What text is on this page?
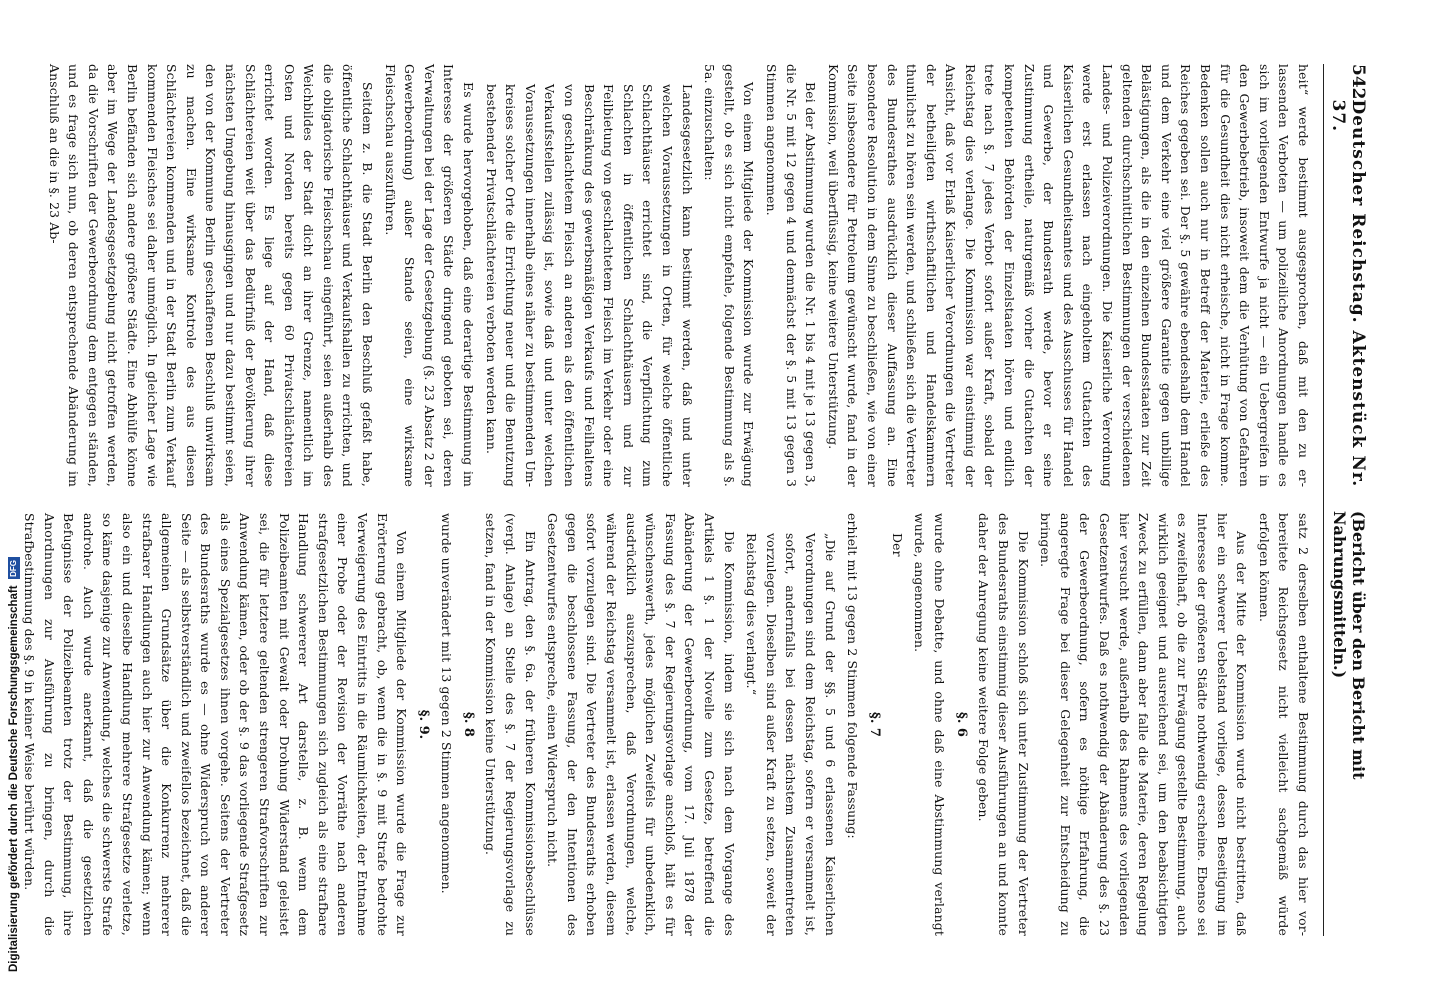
Digitalisierung gefördert durch die Deutsche Forschungsgemeinschaft
DFG
542
Deutscher Reichstag. Aktenstück Nr. 37.
(Bericht über den Bericht mit Nahrungsmitteln.)

heit“ werde bestimmt ausgesprochen, daß mit den zu erlassenden Verboten — um polizeiliche Anordnungen handle es sich im vorliegenden Entwurfe ja nicht — ein Uebergreifen in den Gewerbebetrieb, insoweit dem die Verhütung von Gefahren für die Gesundheit dies nicht erheische, nicht in Frage komme. Bedenken sollen auch nur in Betreff der Materie, erließe des Reiches gegeben sei. Der §. 5 gewähre ebendeshalb dem Handel und dem Verkehr eine viel größere Garantie gegen unbillige Belästigungen, als die in den einzelnen Bundesstaaten zur Zeit geltenden durchschnittlichen Bestimmungen der verschiedenen Landes- und Polizeiverordnungen. Die Kaiserliche Verordnung werde erst erlassen nach eingeholtem Gutachten des Kaiserlichen Gesundheitsamtes und des Ausschusses für Handel und Gewerbe, der Bundesrath werde, bevor er seine Zustimmung ertheile, naturgemäß vorher die Gutachten der kompetenten Behörden der Einzelstaaten hören und endlich trete nach §. 7 jedes Verbot sofort außer Kraft, sobald der Reichstag dies verlange. Die Kommission war einstimmig der Ansicht, daß vor Erlaß Kaiserlicher Verordnungen die Vertreter der betheiligten wirthschaftlichen und Handelskammern thunlichst zu hören sein werden, und schließen sich die Vertreter des Bundesrathes ausdrücklich dieser Auffassung an. Eine besondere Resolution in dem Sinne zu beschließen, wie von einer Seite insbesondere für Petroleum gewünscht wurde, fand in der Kommission, weil überflüssig, keine weitere Unterstützung.

Bei der Abstimmung wurden die Nr. 1 bis 4 mit je 13 gegen 3, die Nr. 5 mit 12 gegen 4 und demnächst der §. 5 mit 13 gegen 3 Stimmen angenommen.

Von einem Mitgliede der Kommission wurde zur Erwägung gestellt, ob es sich nicht empfehle, folgende Bestimmung als §. 5a. einzuschalten:

Landesgesetzlich kann bestimmt werden, daß und unter welchen Voraussetzungen in Orten, für welche öffentliche Schlachthäuser errichtet sind, die Verpflichtung zum Schlachten in öffentlichen Schlachthäusern und zur Feilbietung von geschlachtetem Fleisch im Verkehr oder eine Beschränkung des gewerbsmäßigen Verkaufs und Feilhaltens von geschlachtetem Fleisch an anderen als den öffentlichen Verkaufsstellen zulässig ist, sowie daß und unter welchen Voraussetzungen innerhalb eines näher zu bestimmenden Umkreises solcher Orte die Errichtung neuer und die Benutzung bestehender Privatschlächtereien verboten werden kann.

Es wurde hervorgehoben, daß eine derartige Bestimmung im Interesse der größeren Städte dringend geboten sei, deren Verwaltungen bei der Lage der Gesetzgebung (§. 23 Absatz 2 der Gewerbeordnung) außer Stande seien, eine wirksame Fleischschau auszuführen.

Seitdem z. B. die Stadt Berlin den Beschluß gefaßt habe, öffentliche Schlachthäuser und Verkaufshallen zu errichten, und die obligatorische Fleischschau eingeführt, seien außerhalb des Weichbildes der Stadt dicht an ihrer Grenze, namentlich im Osten und Norden bereits gegen 60 Privatschlächtereien errichtet worden. Es liege auf der Hand, daß diese Schlächtereien weit über das Bedürfniß der Bevölkerung ihrer nächsten Umgebung hinausgingen und nur dazu bestimmt seien, den von der Kommune Berlin geschaffenen Beschluß unwirksam zu machen. Eine wirksame Kontrole des aus diesen Schlächtereien kommenden und in der Stadt Berlin zum Verkauf kommenden Fleisches sei daher unmöglich. In gleicher Lage wie Berlin befänden sich andere größere Städte. Eine Abhülfe könne aber im Wege der Landesgesetzgebung nicht getroffen werden, da die Vorschriften der Gewerbeordnung dem entgegen ständen, und es frage sich nun, ob deren entsprechende Abänderung im Anschluß an die in §. 23 Ab-

satz 2 derselben enthaltene Bestimmung durch das hier vorbereitete Reichsgesetz nicht vielleicht sachgemäß würde erfolgen können.

Aus der Mitte der Kommission wurde nicht bestritten, daß hier ein schwerer Uebelstand vorliege, dessen Beseitigung im Interesse der größeren Städte nothwendig erscheine. Ebenso sei es zweifelhaft, ob die zur Erwägung gestellte Bestimmung, auch wirklich geeignet und ausreichend sei, um den beabsichtigten Zweck zu erfüllen, dann aber falle die Materie, deren Regelung hier versucht werde, außerhalb des Rahmens des vorliegenden Gesetzentwurfes. Daß es nothwendig der Abänderung des §. 23 der Gewerbeordnung, sofern es nöthige Erfahrung, die angeregte Frage bei dieser Gelegenheit zur Entscheidung zu bringen.

Die Kommission schloß sich unter Zustimmung der Vertreter des Bundesraths einstimmig dieser Ausführungen an und konnte daher der Anregung keine weitere Folge geben.

§. 6

wurde ohne Debatte, und ohne daß eine Abstimmung verlangt wurde, angenommen.

Der

§. 7

erhielt mit 13 gegen 2 Stimmen folgende Fassung:

„Die auf Grund der §§. 5 und 6 erlassenen Kaiserlichen Verordnungen sind dem Reichstag, sofern er versammelt ist, sofort, andernfalls bei dessen nächstem Zusammentreten vorzulegen. Dieselben sind außer Kraft zu setzen, soweit der Reichstag dies verlangt.“

Die Kommission, indem sie sich nach dem Vorgange des Artikels 1 §. 1 der Novelle zum Gesetze, betreffend die Abänderung der Gewerbeordnung, vom 17. Juli 1878 der Fassung des §. 7 der Regierungsvorlage anschloß, hält es für wünschenswerth, jedes möglichen Zweifels für unbedenklich, ausdrücklich auszusprechen, daß Verordnungen, welche, während der Reichstag versammelt ist, erlassen werden, diesem sofort vorzulegen sind. Die Vertreter des Bundesraths erhoben gegen die beschlossene Fassung, der den Intentionen des Gesetzentwurfes entspreche, einen Widerspruch nicht.

Ein Antrag, den §. 6a. der früheren Kommissionsbeschlüsse (vergl. Anlage) an Stelle des §. 7 der Regierungsvorlage zu setzen, fand in der Kommission keine Unterstützung.

§. 8

wurde unverändert mit 13 gegen 2 Stimmen angenommen.

§. 9.

Von einem Mitgliede der Kommission wurde die Frage zur Erörterung gebracht, ob, wenn die in §. 9 mit Strafe bedrohte Verweigerung des Eintritts in die Räumlichkeiten, der Entnahme einer Probe oder der Revision der Vorräthe nach anderen strafgesetzlichen Bestimmungen sich zugleich als eine strafbare Handlung schwererer Art darstelle, z. B. wenn dem Polizeibeamten mit Gewalt oder Drohung Widerstand geleistet sei, die für letztere geltenden strengeren Strafvorschriften zur Anwendung kämen, oder ob der §. 9 das vorliegende Strafgesetz als eines Spezialgesetzes ihnen vorgehe. Seitens der Vertreter des Bundesraths wurde es — ohne Widerspruch von anderer Seite — als selbstverständlich und zweifellos bezeichnet, daß die allgemeinen Grundsätze über die Konkurrenz mehrerer strafbarer Handlungen auch hier zur Anwendung kämen; wenn also ein und dieselbe Handlung mehrere Strafgesetze verletze, so käme dasjenige zur Anwendung, welches die schwerste Strafe androhe. Auch wurde anerkannt, daß die gesetzlichen Befugnisse der Polizeibeamten trotz der Bestimmung, ihre Anordnungen zur Ausführung zu bringen, durch die Strafbestimmung des §. 9 in keiner Weise berührt würden.
